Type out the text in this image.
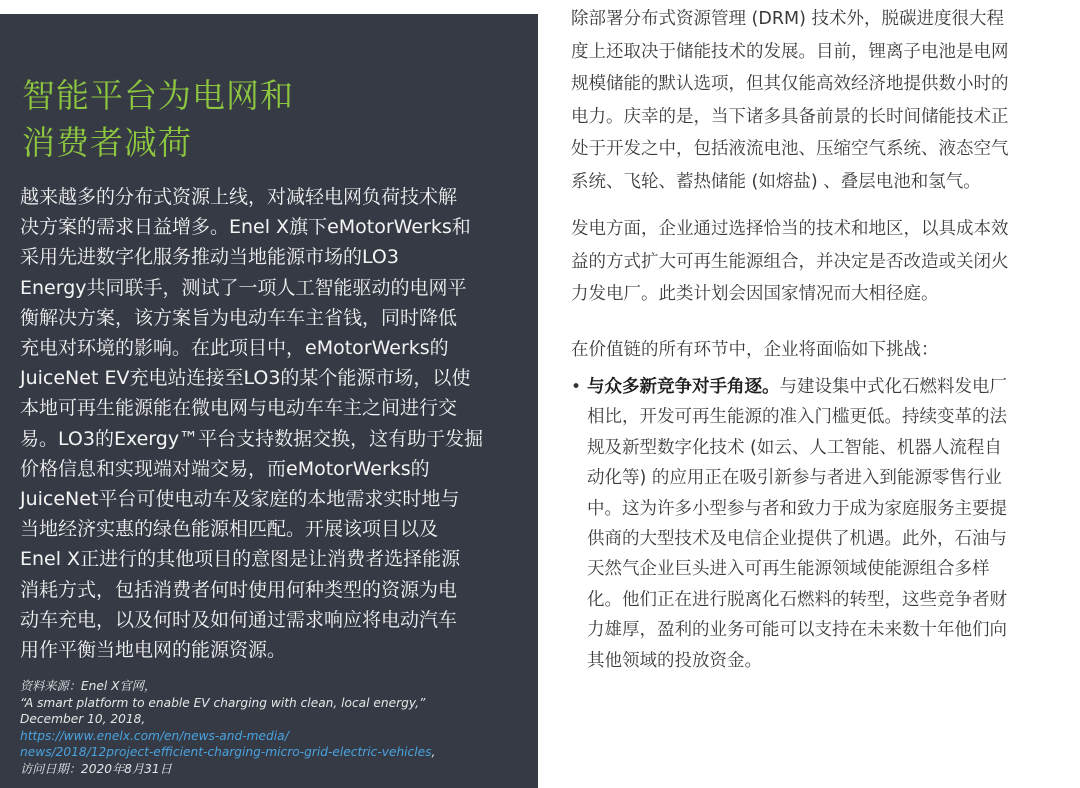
智能平台为电网和
消费者减荷
越来越多的分布式资源上线，对减轻电网负荷技术解
决方案的需求日益增多。Enel X旗下eMotorWerks和
采用先进数字化服务推动当地能源市场的LO3
Energy共同联手，测试了一项人工智能驱动的电网平
衡解决方案，该方案旨为电动车车主省钱，同时降低
充电对环境的影响。在此项目中，eMotorWerks的
JuiceNet EV充电站连接至LO3的某个能源市场，以使
本地可再生能源能在微电网与电动车车主之间进行交
易。LO3的Exergy™平台支持数据交换，这有助于发掘
价格信息和实现端对端交易，而eMotorWerks的
JuiceNet平台可使电动车及家庭的本地需求实时地与
当地经济实惠的绿色能源相匹配。开展该项目以及
Enel X正进行的其他项目的意图是让消费者选择能源
消耗方式，包括消费者何时使用何种类型的资源为电
动车充电，以及何时及如何通过需求响应将电动汽车
用作平衡当地电网的能源资源。
资料来源：Enel X官网，
“A smart platform to enable EV charging with clean, local energy,”
December 10, 2018,
https://www.enelx.com/en/news-and-media/
news/2018/12project-efficient-charging-micro-grid-electric-vehicles,
访问日期：2020年8月31日
除部署分布式资源管理 (DRM) 技术外，脱碳进度很大程
度上还取决于储能技术的发展。目前，锂离子电池是电网
规模储能的默认选项，但其仅能高效经济地提供数小时的
电力。庆幸的是，当下诸多具备前景的长时间储能技术正
处于开发之中，包括液流电池、压缩空气系统、液态空气
系统、飞轮、蓄热储能 (如熔盐) 、叠层电池和氢气。
发电方面，企业通过选择恰当的技术和地区，以具成本效
益的方式扩大可再生能源组合，并决定是否改造或关闭火
力发电厂。此类计划会因国家情况而大相径庭。
在价值链的所有环节中，企业将面临如下挑战：
• 与众多新竞争对手角逐。与建设集中式化石燃料发电厂
相比，开发可再生能源的准入门槛更低。持续变革的法
规及新型数字化技术 (如云、人工智能、机器人流程自
动化等) 的应用正在吸引新参与者进入到能源零售行业
中。这为许多小型参与者和致力于成为家庭服务主要提
供商的大型技术及电信企业提供了机遇。此外，石油与
天然气企业巨头进入可再生能源领域使能源组合多样
化。他们正在进行脱离化石燃料的转型，这些竞争者财
力雄厚，盈利的业务可能可以支持在未来数十年他们向
其他领域的投放资金。
